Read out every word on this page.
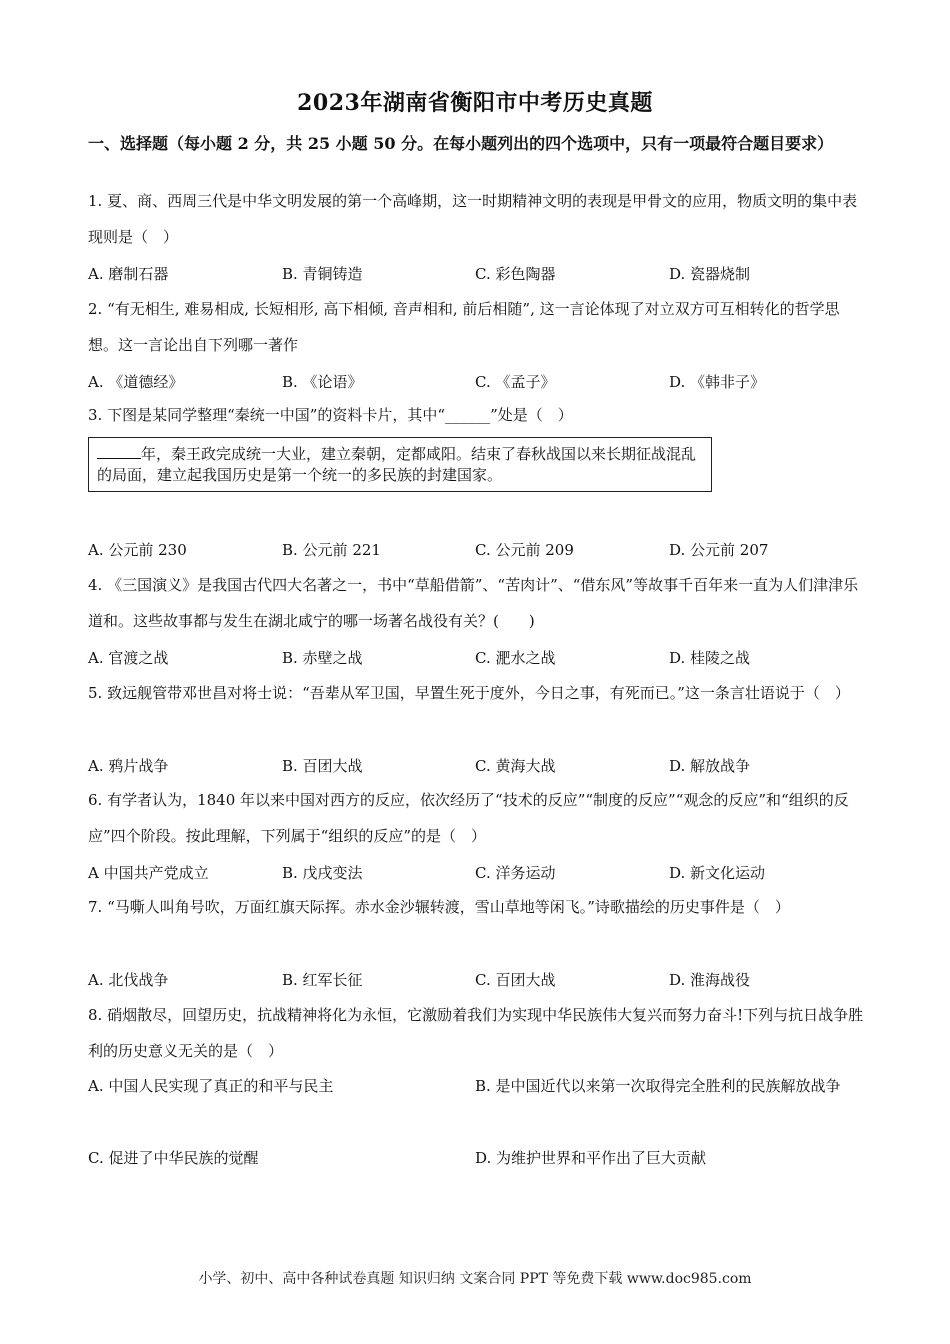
2023年湖南省衡阳市中考历史真题
一、选择题（每小题 2 分，共 25 小题 50 分。在每小题列出的四个选项中，只有一项最符合题目要求）
1. 夏、商、西周三代是中华文明发展的第一个高峰期，这一时期精神文明的表现是甲骨文的应用，物质文明的集中表现则是（　）
A. 磨制石器	B. 青铜铸造	C. 彩色陶器	D. 瓷器烧制
2. “有无相生, 难易相成, 长短相形, 高下相倾, 音声相和, 前后相随”, 这一言论体现了对立双方可互相转化的哲学思想。这一言论出自下列哪一著作
A. 《道德经》	B. 《论语》	C. 《孟子》	D. 《韩非子》
3. 下图是某同学整理“秦统一中国”的资料卡片，其中“______”处是（　）
年，秦王政完成统一大业，建立秦朝，定都咸阳。结束了春秋战国以来长期征战混乱的局面，建立起我国历史是第一个统一的多民族的封建国家。
A. 公元前 230	B. 公元前 221	C. 公元前 209	D. 公元前 207
4. 《三国演义》是我国古代四大名著之一，书中“草船借箭”、“苦肉计”、“借东风”等故事千百年来一直为人们津津乐道和。这些故事都与发生在湖北咸宁的哪一场著名战役有关？(　　)
A. 官渡之战	B. 赤壁之战	C. 淝水之战	D. 桂陵之战
5. 致远舰管带邓世昌对将士说：“吾辈从军卫国，早置生死于度外，今日之事，有死而已。”这一条言壮语说于（　）
A. 鸦片战争	B. 百团大战	C. 黄海大战	D. 解放战争
6. 有学者认为，1840 年以来中国对西方的反应，依次经历了“技术的反应”“制度的反应”“观念的反应”和“组织的反应”四个阶段。按此理解，下列属于“组织的反应”的是（　）
A 中国共产党成立	B. 戊戌变法	C. 洋务运动	D. 新文化运动
7. “马嘶人叫角号吹，万面红旗天际挥。赤水金沙辗转渡，雪山草地等闲飞。”诗歌描绘的历史事件是（　）
A. 北伐战争	B. 红军长征	C. 百团大战	D. 淮海战役
8. 硝烟散尽，回望历史，抗战精神将化为永恒，它激励着我们为实现中华民族伟大复兴而努力奋斗!下列与抗日战争胜利的历史意义无关的是（　）
A. 中国人民实现了真正的和平与民主	B. 是中国近代以来第一次取得完全胜利的民族解放战争
C. 促进了中华民族的觉醒	D. 为维护世界和平作出了巨大贡献
小学、初中、高中各种试卷真题 知识归纳 文案合同 PPT 等免费下载 www.doc985.com
